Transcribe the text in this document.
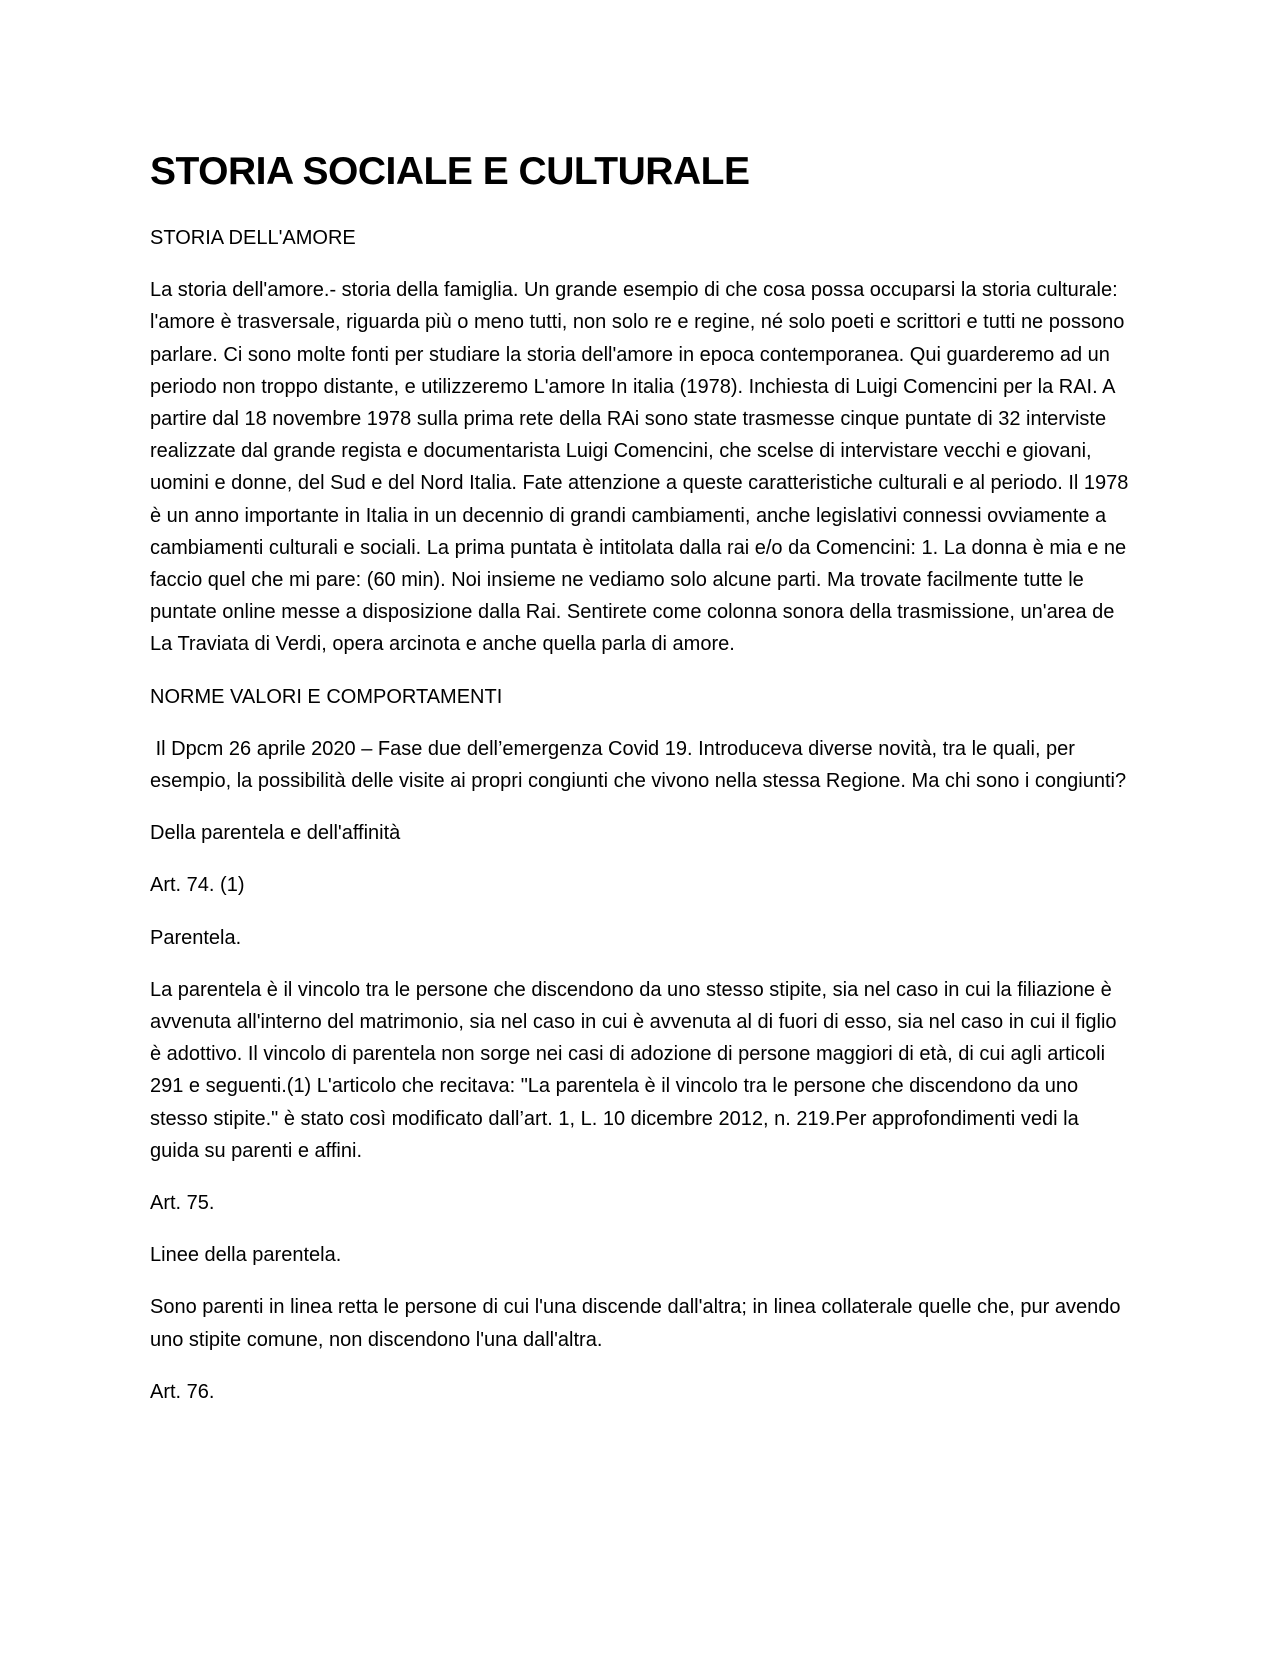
STORIA SOCIALE E CULTURALE
STORIA DELL'AMORE
La storia dell'amore.- storia della famiglia. Un grande esempio di che cosa possa occuparsi la storia culturale: l'amore è trasversale, riguarda più o meno tutti, non solo re e regine, né solo poeti e scrittori e tutti ne possono parlare. Ci sono molte fonti per studiare la storia dell'amore in epoca contemporanea. Qui guarderemo ad un periodo non troppo distante, e utilizzeremo L'amore In italia (1978). Inchiesta di Luigi Comencini per la RAI. A partire dal 18 novembre 1978 sulla prima rete della RAi sono state trasmesse cinque puntate di 32 interviste realizzate dal grande regista e documentarista Luigi Comencini, che scelse di intervistare vecchi e giovani, uomini e donne, del Sud e del Nord Italia. Fate attenzione a queste caratteristiche culturali e al periodo. Il 1978 è un anno importante in Italia in un decennio di grandi cambiamenti, anche legislativi connessi ovviamente a cambiamenti culturali e sociali. La prima puntata è intitolata dalla rai e/o da Comencini: 1. La donna è mia e ne faccio quel che mi pare: (60 min). Noi insieme ne vediamo solo alcune parti. Ma trovate facilmente tutte le puntate online messe a disposizione dalla Rai. Sentirete come colonna sonora della trasmissione, un'area de La Traviata di Verdi, opera arcinota e anche quella parla di amore.
NORME VALORI E COMPORTAMENTI
Il Dpcm 26 aprile 2020 – Fase due dell’emergenza Covid 19. Introduceva diverse novità, tra le quali, per esempio, la possibilità delle visite ai propri congiunti che vivono nella stessa Regione. Ma chi sono i congiunti?
Della parentela e dell'affinità
Art. 74. (1)
Parentela.
La parentela è il vincolo tra le persone che discendono da uno stesso stipite, sia nel caso in cui la filiazione è avvenuta all'interno del matrimonio, sia nel caso in cui è avvenuta al di fuori di esso, sia nel caso in cui il figlio è adottivo. Il vincolo di parentela non sorge nei casi di adozione di persone maggiori di età, di cui agli articoli 291 e seguenti.(1) L'articolo che recitava: "La parentela è il vincolo tra le persone che discendono da uno stesso stipite." è stato così modificato dall’art. 1, L. 10 dicembre 2012, n. 219.Per approfondimenti vedi la guida su parenti e affini.
Art. 75.
Linee della parentela.
Sono parenti in linea retta le persone di cui l'una discende dall'altra; in linea collaterale quelle che, pur avendo uno stipite comune, non discendono l'una dall'altra.
Art. 76.
